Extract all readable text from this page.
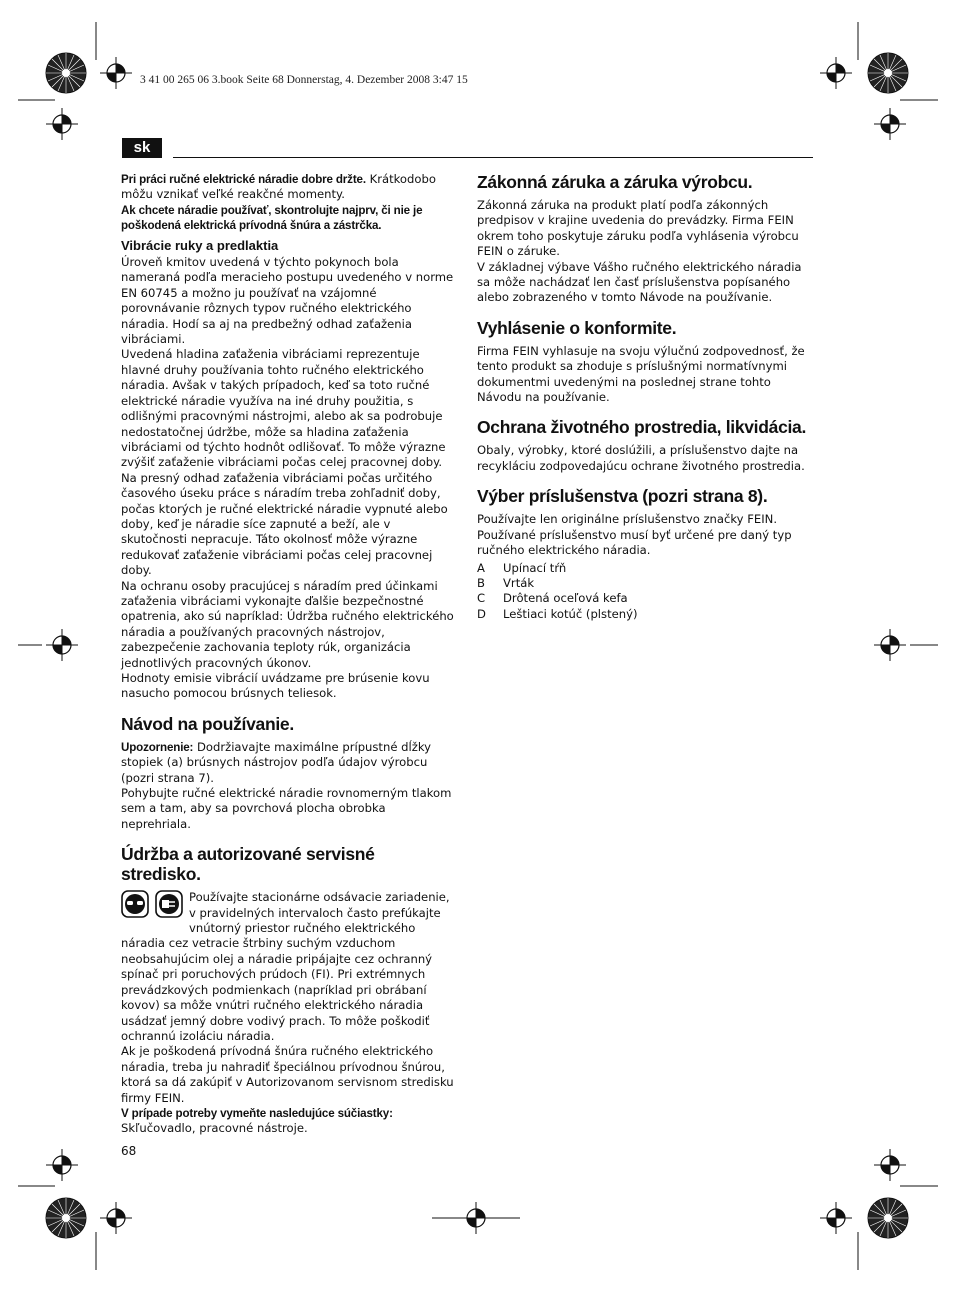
3 41 00 265 06 3.book Seite 68 Donnerstag, 4. Dezember 2008 3:47 15
sk

Pri práci ručné elektrické náradie dobre držte. Krátkodobo môžu vznikať veľké reakčné momenty.

Ak chcete náradie používať, skontrolujte najprv, či nie je poškodená elektrická prívodná šnúra a zástrčka.

Vibrácie ruky a predlaktia

Úroveň kmitov uvedená v týchto pokynoch bola nameraná podľa meracieho postupu uvedeného v norme EN 60745 a možno ju používať na vzájomné porovnávanie rôznych typov ručného elektrického náradia. Hodí sa aj na predbežný odhad zaťaženia vibráciami.

Uvedená hladina zaťaženia vibráciami reprezentuje hlavné druhy používania tohto ručného elektrického náradia. Avšak v takých prípadoch, keď sa toto ručné elektrické náradie využíva na iné druhy použitia, s odlišnými pracovnými nástrojmi, alebo ak sa podrobuje nedostatočnej údržbe, môže sa hladina zaťaženia vibráciami od týchto hodnôt odlišovať. To môže výrazne zvýšiť zaťaženie vibráciami počas celej pracovnej doby.

Na presný odhad zaťaženia vibráciami počas určitého časového úseku práce s náradím treba zohľadniť doby, počas ktorých je ručné elektrické náradie vypnuté alebo doby, keď je náradie síce zapnuté a beží, ale v skutočnosti nepracuje. Táto okolnosť môže výrazne redukovať zaťaženie vibráciami počas celej pracovnej doby.

Na ochranu osoby pracujúcej s náradím pred účinkami zaťaženia vibráciami vykonajte ďalšie bezpečnostné opatrenia, ako sú napríklad: Údržba ručného elektrického náradia a používaných pracovných nástrojov, zabezpečenie zachovania teploty rúk, organizácia jednotlivých pracovných úkonov.

Hodnoty emisie vibrácií uvádzame pre brúsenie kovu nasucho pomocou brúsnych teliesok.

Návod na používanie.

Upozornenie: Dodržiavajte maximálne prípustné dĺžky stopiek (a) brúsnych nástrojov podľa údajov výrobcu (pozri strana 7).

Pohybujte ručné elektrické náradie rovnomerným tlakom sem a tam, aby sa povrchová plocha obrobka neprehriala.

Údržba a autorizované servisné stredisko.

Používajte stacionárne odsávacie zariadenie, v pravidelných intervaloch často prefúkajte vnútorný priestor ručného elektrického náradia cez vetracie štrbiny suchým vzduchom neobsahujúcim olej a náradie pripájajte cez ochranný spínač pri poruchových prúdoch (FI). Pri extrémnych prevádzkových podmienkach (napríklad pri obrábaní kovov) sa môže vnútri ručného elektrického náradia usádzať jemný dobre vodivý prach. To môže poškodiť ochrannú izoláciu náradia.

Ak je poškodená prívodná šnúra ručného elektrického náradia, treba ju nahradiť špeciálnou prívodnou šnúrou, ktorá sa dá zakúpiť v Autorizovanom servisnom stredisku firmy FEIN.

V prípade potreby vymeňte nasledujúce súčiastky:

Skľučovadlo, pracovné nástroje.

Zákonná záruka a záruka výrobcu.

Zákonná záruka na produkt platí podľa zákonných predpisov v krajine uvedenia do prevádzky. Firma FEIN okrem toho poskytuje záruku podľa vyhlásenia výrobcu FEIN o záruke.

V základnej výbave Vášho ručného elektrického náradia sa môže nachádzať len časť príslušenstva popísaného alebo zobrazeného v tomto Návode na používanie.

Vyhlásenie o konformite.

Firma FEIN vyhlasuje na svoju výlučnú zodpovednosť, že tento produkt sa zhoduje s príslušnými normatívnymi dokumentmi uvedenými na poslednej strane tohto Návodu na používanie.

Ochrana životného prostredia, likvidácia.

Obaly, výrobky, ktoré doslúžili, a príslušenstvo dajte na recykláciu zodpovedajúcu ochrane životného prostredia.

Výber príslušenstva (pozri strana 8).

Používajte len originálne príslušenstvo značky FEIN. Používané príslušenstvo musí byť určené pre daný typ ručného elektrického náradia.

A	Upínací tŕň
B	Vrták
C	Drôtená oceľová kefa
D	Leštiaci kotúč (plstený)
68
